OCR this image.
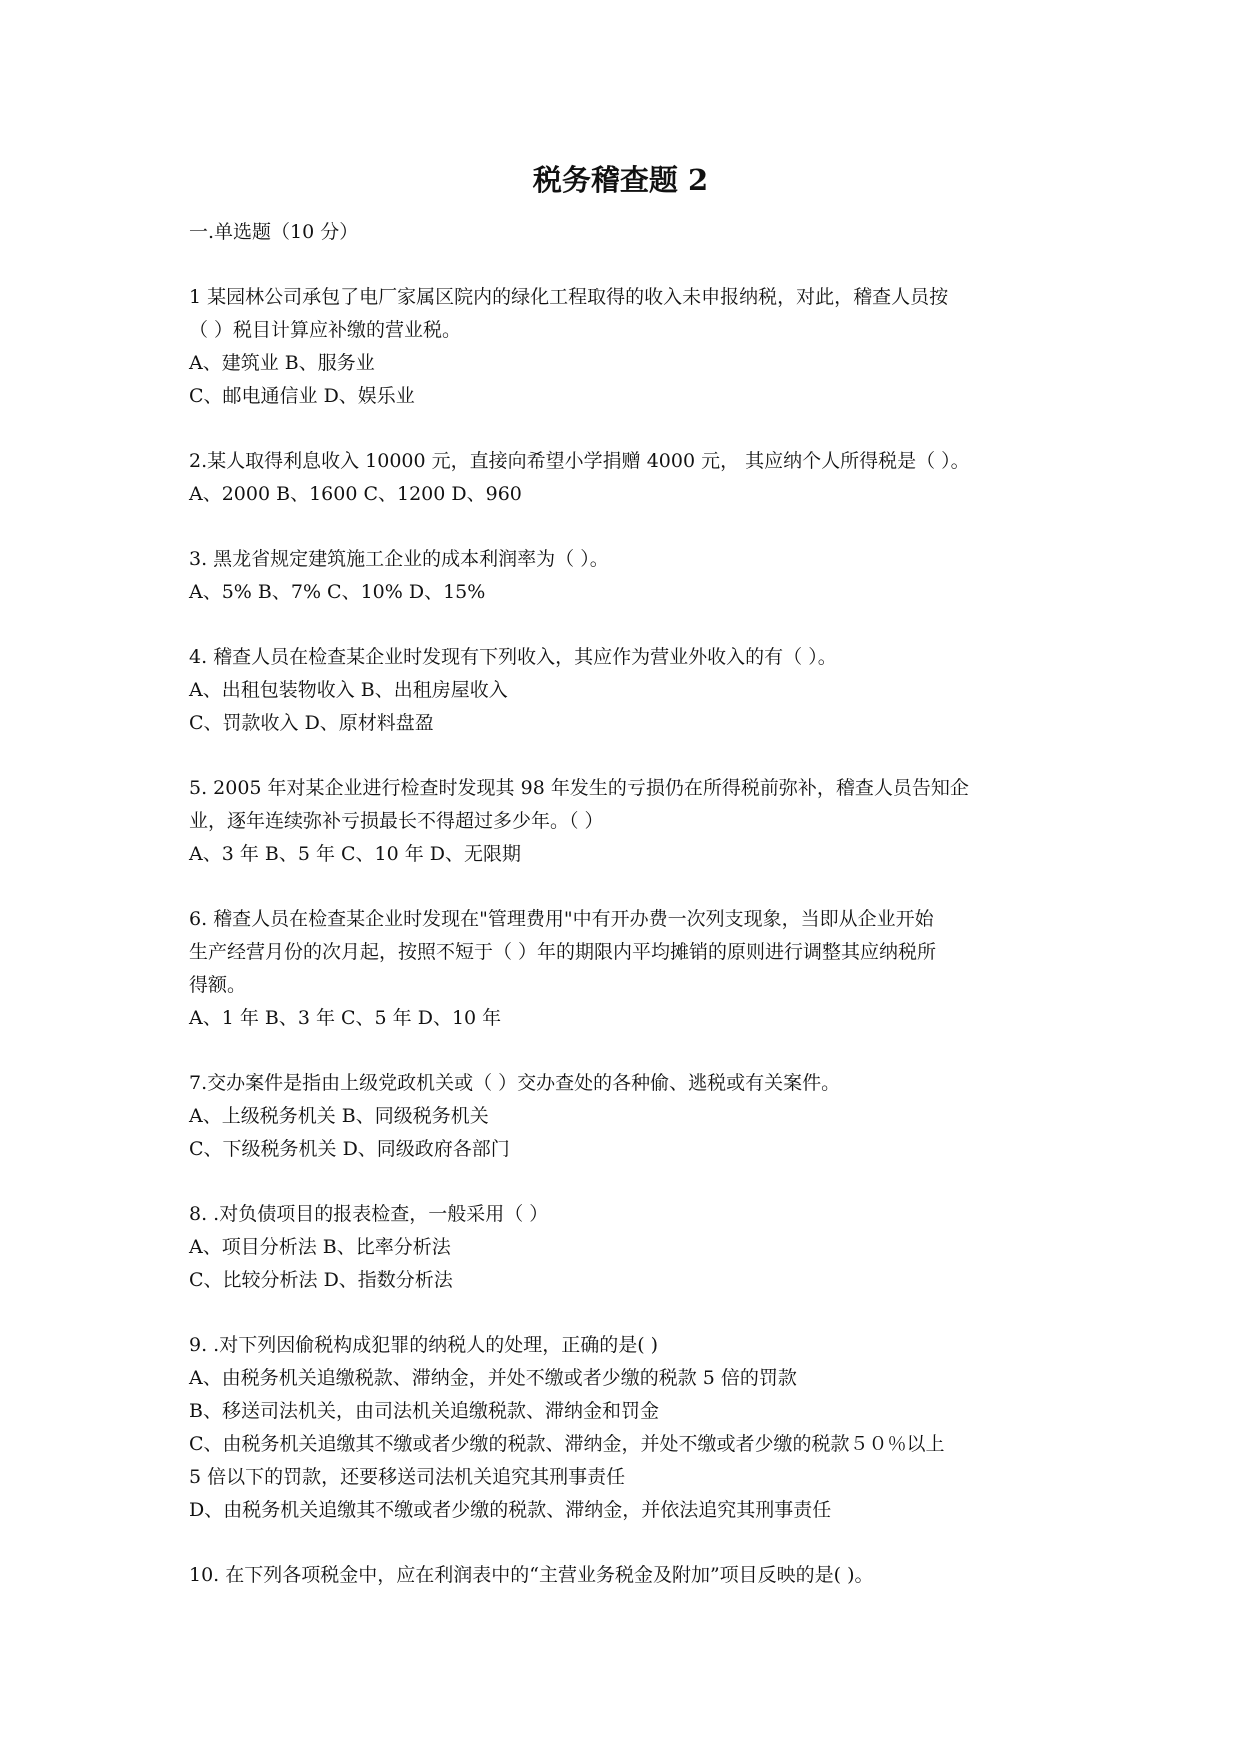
税务稽查题 2
一.单选题（10 分）
1 某园林公司承包了电厂家属区院内的绿化工程取得的收入未申报纳税，对此，稽查人员按
（ ）税目计算应补缴的营业税。
A、建筑业 B、服务业
C、邮电通信业 D、娱乐业
2.某人取得利息收入 10000 元，直接向希望小学捐赠 4000 元， 其应纳个人所得税是（ ）。
A、2000 B、1600 C、1200 D、960
3. 黑龙省规定建筑施工企业的成本利润率为（ ）。
A、5% B、7% C、10% D、15%
4. 稽查人员在检查某企业时发现有下列收入，其应作为营业外收入的有（ ）。
A、出租包装物收入 B、出租房屋收入
C、罚款收入 D、原材料盘盈
5. 2005 年对某企业进行检查时发现其 98 年发生的亏损仍在所得税前弥补，稽查人员告知企
业，逐年连续弥补亏损最长不得超过多少年。（ ）
A、3 年 B、5 年 C、10 年 D、无限期
6. 稽查人员在检查某企业时发现在"管理费用"中有开办费一次列支现象，当即从企业开始
生产经营月份的次月起，按照不短于（ ）年的期限内平均摊销的原则进行调整其应纳税所
得额。
A、1 年 B、3 年 C、5 年 D、10 年
7.交办案件是指由上级党政机关或（ ）交办查处的各种偷、逃税或有关案件。
A、上级税务机关 B、同级税务机关
C、下级税务机关 D、同级政府各部门
8. .对负债项目的报表检查，一般采用（ ）
A、项目分析法 B、比率分析法
C、比较分析法 D、指数分析法
9. .对下列因偷税构成犯罪的纳税人的处理，正确的是( )
A、由税务机关追缴税款、滞纳金，并处不缴或者少缴的税款 5 倍的罚款
B、移送司法机关，由司法机关追缴税款、滞纳金和罚金
C、由税务机关追缴其不缴或者少缴的税款、滞纳金，并处不缴或者少缴的税款５０％以上
5 倍以下的罚款，还要移送司法机关追究其刑事责任
D、由税务机关追缴其不缴或者少缴的税款、滞纳金，并依法追究其刑事责任
10. 在下列各项税金中，应在利润表中的“主营业务税金及附加”项目反映的是( )。
